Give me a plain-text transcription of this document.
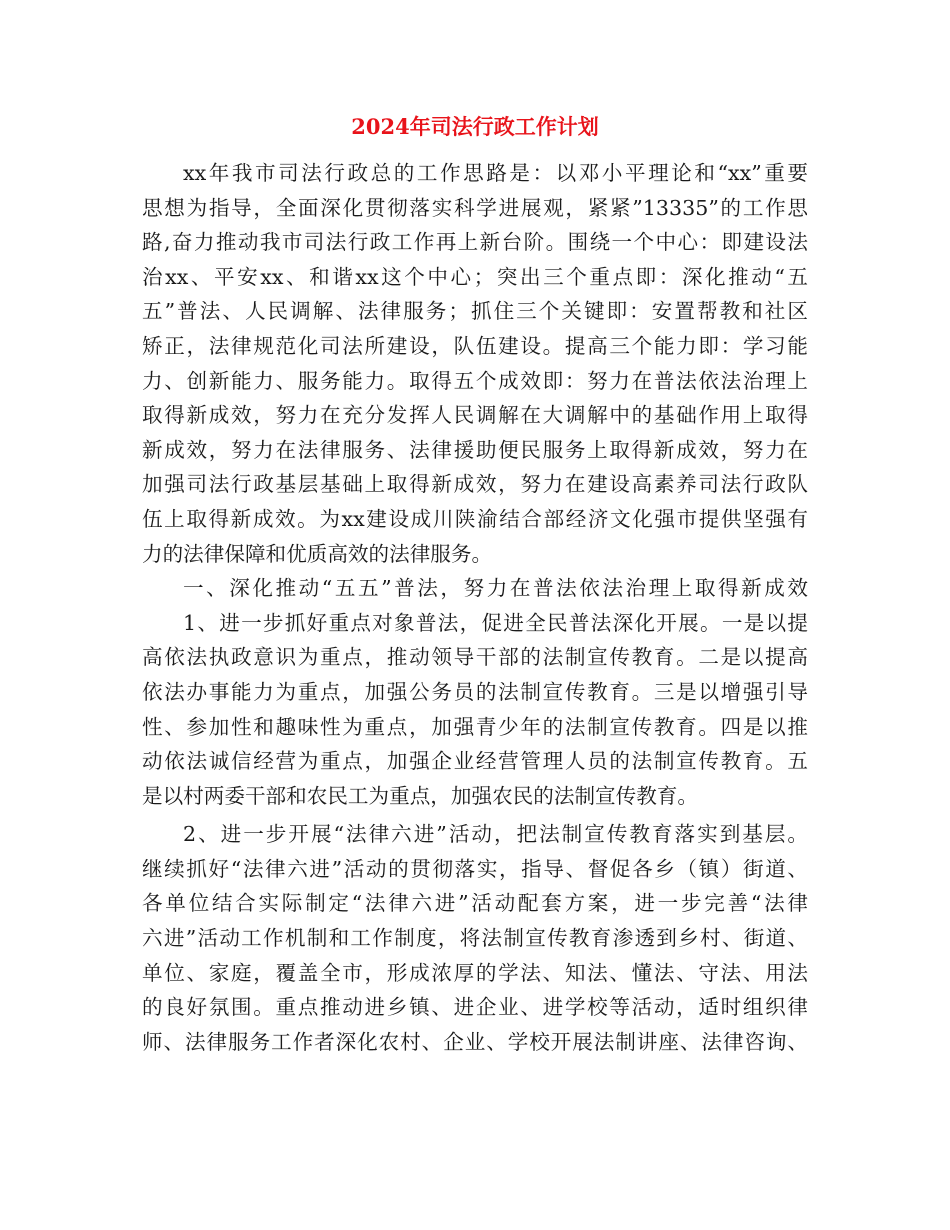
2024年司法行政工作计划
xx年我市司法行政总的工作思路是：以邓小平理论和“xx”重要
思想为指导，全面深化贯彻落实科学进展观，紧紧”13335”的工作思
路,奋力推动我市司法行政工作再上新台阶。围绕一个中心：即建设法
治xx、平安xx、和谐xx这个中心；突出三个重点即：深化推动“五
五”普法、人民调解、法律服务；抓住三个关键即：安置帮教和社区
矫正，法律规范化司法所建设，队伍建设。提高三个能力即：学习能
力、创新能力、服务能力。取得五个成效即：努力在普法依法治理上
取得新成效，努力在充分发挥人民调解在大调解中的基础作用上取得
新成效，努力在法律服务、法律援助便民服务上取得新成效，努力在
加强司法行政基层基础上取得新成效，努力在建设高素养司法行政队
伍上取得新成效。为xx建设成川陕渝结合部经济文化强市提供坚强有
力的法律保障和优质高效的法律服务。
一、深化推动“五五”普法，努力在普法依法治理上取得新成效
1、进一步抓好重点对象普法，促进全民普法深化开展。一是以提
高依法执政意识为重点，推动领导干部的法制宣传教育。二是以提高
依法办事能力为重点，加强公务员的法制宣传教育。三是以增强引导
性、参加性和趣味性为重点，加强青少年的法制宣传教育。四是以推
动依法诚信经营为重点，加强企业经营管理人员的法制宣传教育。五
是以村两委干部和农民工为重点，加强农民的法制宣传教育。
2、进一步开展“法律六进”活动，把法制宣传教育落实到基层。
继续抓好“法律六进”活动的贯彻落实，指导、督促各乡（镇）街道、
各单位结合实际制定“法律六进”活动配套方案，进一步完善“法律
六进”活动工作机制和工作制度，将法制宣传教育渗透到乡村、街道、
单位、家庭，覆盖全市，形成浓厚的学法、知法、懂法、守法、用法
的良好氛围。重点推动进乡镇、进企业、进学校等活动，适时组织律
师、法律服务工作者深化农村、企业、学校开展法制讲座、法律咨询、
